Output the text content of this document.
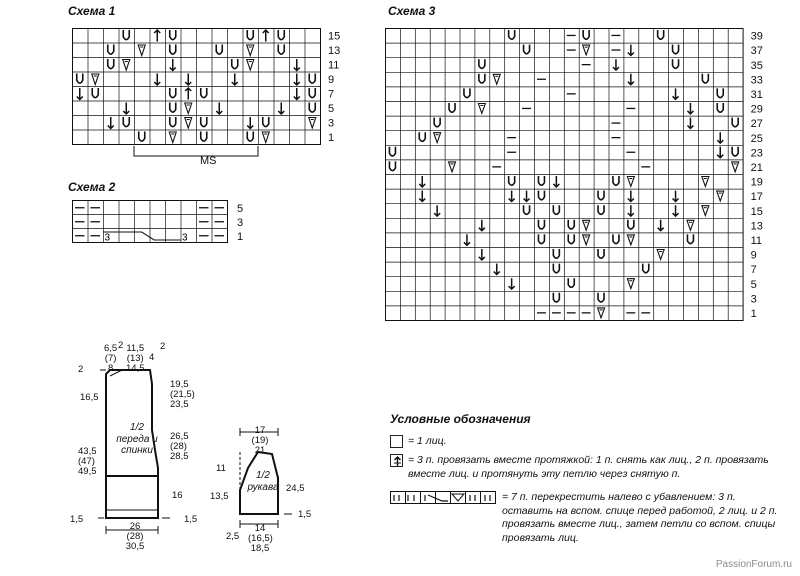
Схема 1
15
13
11
9
7
5
3
1
MS
Схема 2
3	3
5
3
1
Схема 3
39
37
35
33
31
29
27
25
23
21
19
17
15
13
11
9
7
5
3
1
6,5
(7)
8
2 11,5
(13)
14,5
4
2
2
16,5
43,5
(47)
49,5
1,5
19,5
(21,5)
23,5
26,5
(28)
28,5
16
1,5
1/2 переда и спинки
26
(28) 30,5
17
(19)
21
11
13,5
2,5
24,5
1,5
1/2 рукава
14
(16,5)
18,5
Условные обозначения
= 1 лиц.
= 3 п. провязать вместе протяжкой: 1 п. снять как лиц., 2 п. провязать вместе лиц. и протянуть эту петлю через снятую п.
= 7 п. перекрестить налево с убавлением: 3 п. оставить на вспом. спице перед работой, 2 лиц. и 2 п. провязать вместе лиц., затем петли со вспом. спицы провязать лиц.
PassionForum.ru
